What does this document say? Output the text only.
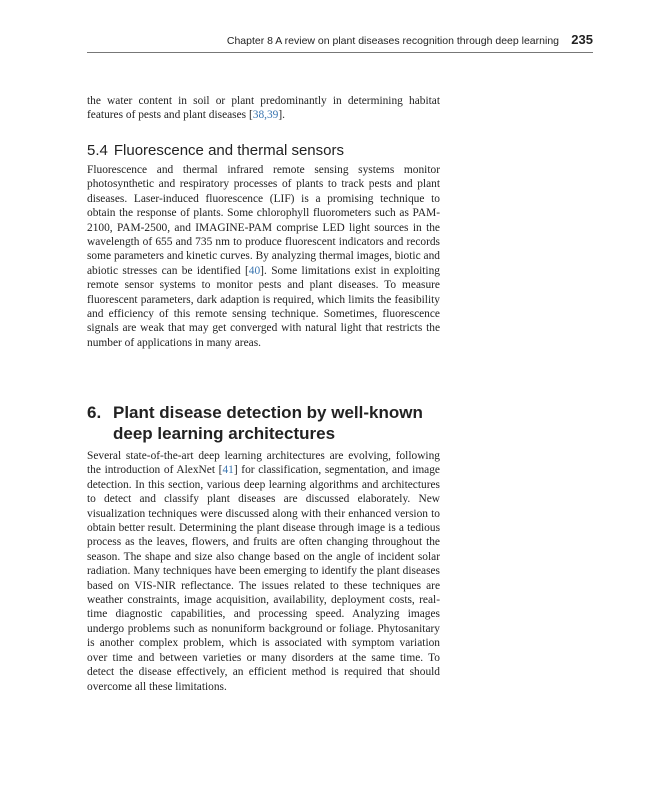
Chapter 8 A review on plant diseases recognition through deep learning 235

the water content in soil or plant predominantly in determining habitat features of pests and plant diseases [38,39].

5.4 Fluorescence and thermal sensors

Fluorescence and thermal infrared remote sensing systems monitor photosynthetic and respiratory processes of plants to track pests and plant diseases. Laser-induced fluorescence (LIF) is a promising technique to obtain the response of plants. Some chlorophyll fluorometers such as PAM-2100, PAM-2500, and IMAGINE-PAM comprise LED light sources in the wavelength of 655 and 735 nm to produce fluorescent indicators and records some parameters and kinetic curves. By analyzing thermal images, biotic and abiotic stresses can be identified [40]. Some limitations exist in exploiting remote sensor systems to monitor pests and plant diseases. To measure fluorescent parameters, dark adaption is required, which limits the feasibility and efficiency of this remote sensing technique. Sometimes, fluorescence signals are weak that may get converged with natural light that restricts the number of applications in many areas.

6. Plant disease detection by well-known deep learning architectures

Several state-of-the-art deep learning architectures are evolving, following the introduction of AlexNet [41] for classification, segmentation, and image detection. In this section, various deep learning algorithms and architectures to detect and classify plant diseases are discussed elaborately. New visualization techniques were discussed along with their enhanced version to obtain better result. Determining the plant disease through image is a tedious process as the leaves, flowers, and fruits are often changing throughout the season. The shape and size also change based on the angle of incident solar radiation. Many techniques have been emerging to identify the plant diseases based on VIS-NIR reflectance. The issues related to these techniques are weather constraints, image acquisition, availability, deployment costs, real-time diagnostic capabilities, and processing speed. Analyzing images undergo problems such as nonuniform background or foliage. Phytosanitary is another complex problem, which is associated with symptom variation over time and between varieties or many disorders at the same time. To detect the disease effectively, an efficient method is required that should overcome all these limitations.
